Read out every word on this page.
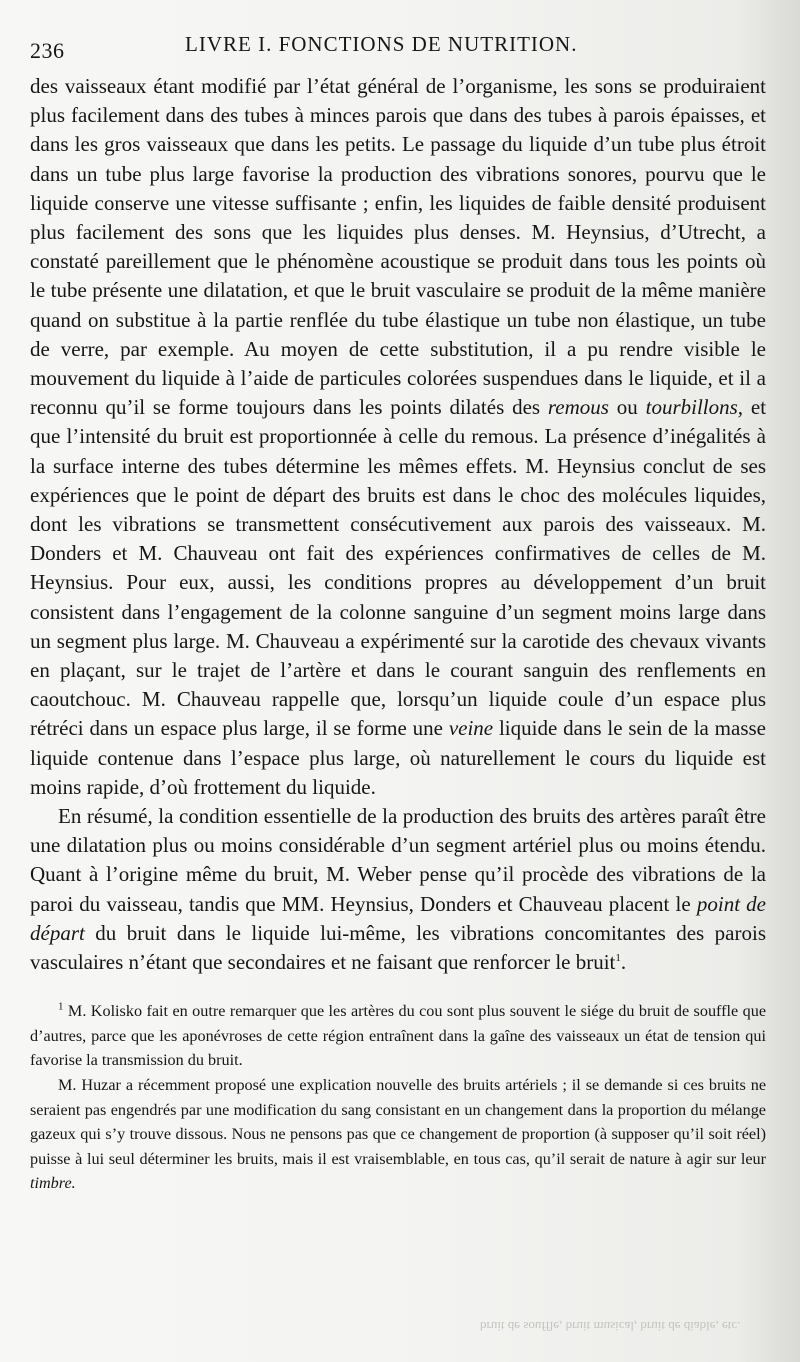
236	LIVRE I. FONCTIONS DE NUTRITION.

des vaisseaux étant modifié par l’état général de l’organisme, les sons se produiraient plus facilement dans des tubes à minces parois que dans des tubes à parois épaisses, et dans les gros vaisseaux que dans les petits. Le passage du liquide d’un tube plus étroit dans un tube plus large favorise la production des vibrations sonores, pourvu que le liquide conserve une vitesse suffisante ; enfin, les liquides de faible densité produisent plus facilement des sons que les liquides plus denses. M. Heynsius, d’Utrecht, a constaté pareillement que le phénomène acoustique se produit dans tous les points où le tube présente une dilatation, et que le bruit vasculaire se produit de la même manière quand on substitue à la partie renflée du tube élastique un tube non élastique, un tube de verre, par exemple. Au moyen de cette substitution, il a pu rendre visible le mouvement du liquide à l’aide de particules colorées suspendues dans le liquide, et il a reconnu qu’il se forme toujours dans les points dilatés des remous ou tourbillons, et que l’intensité du bruit est proportionnée à celle du remous. La présence d’inégalités à la surface interne des tubes détermine les mêmes effets. M. Heynsius conclut de ses expériences que le point de départ des bruits est dans le choc des molécules liquides, dont les vibrations se transmettent consécutivement aux parois des vaisseaux. M. Donders et M. Chauveau ont fait des expériences confirmatives de celles de M. Heynsius. Pour eux, aussi, les conditions propres au développement d’un bruit consistent dans l’engagement de la colonne sanguine d’un segment moins large dans un segment plus large. M. Chauveau a expérimenté sur la carotide des chevaux vivants en plaçant, sur le trajet de l’artère et dans le courant sanguin des renflements en caoutchouc. M. Chauveau rappelle que, lorsqu’un liquide coule d’un espace plus rétréci dans un espace plus large, il se forme une veine liquide dans le sein de la masse liquide contenue dans l’espace plus large, où naturellement le cours du liquide est moins rapide, d’où frottement du liquide.

En résumé, la condition essentielle de la production des bruits des artères paraît être une dilatation plus ou moins considérable d’un segment artériel plus ou moins étendu. Quant à l’origine même du bruit, M. Weber pense qu’il procède des vibrations de la paroi du vaisseau, tandis que MM. Heynsius, Donders et Chauveau placent le point de départ du bruit dans le liquide lui-même, les vibrations concomitantes des parois vasculaires n’étant que secondaires et ne faisant que renforcer le bruit$^1$.

$^1$ M. Kolisko fait en outre remarquer que les artères du cou sont plus souvent le siége du bruit de souffle que d’autres, parce que les aponévroses de cette région entraînent dans la gaîne des vaisseaux un état de tension qui favorise la transmission du bruit.

M. Huzar a récemment proposé une explication nouvelle des bruits artériels ; il se demande si ces bruits ne seraient pas engendrés par une modification du sang consistant en un changement dans la proportion du mélange gazeux qui s’y trouve dissous. Nous ne pensons pas que ce changement de proportion (à supposer qu’il soit réel) puisse à lui seul déterminer les bruits, mais il est vraisemblable, en tous cas, qu’il serait de nature à agir sur leur timbre.

bruit de souffle, bruit musical, bruit de diable, etc.
